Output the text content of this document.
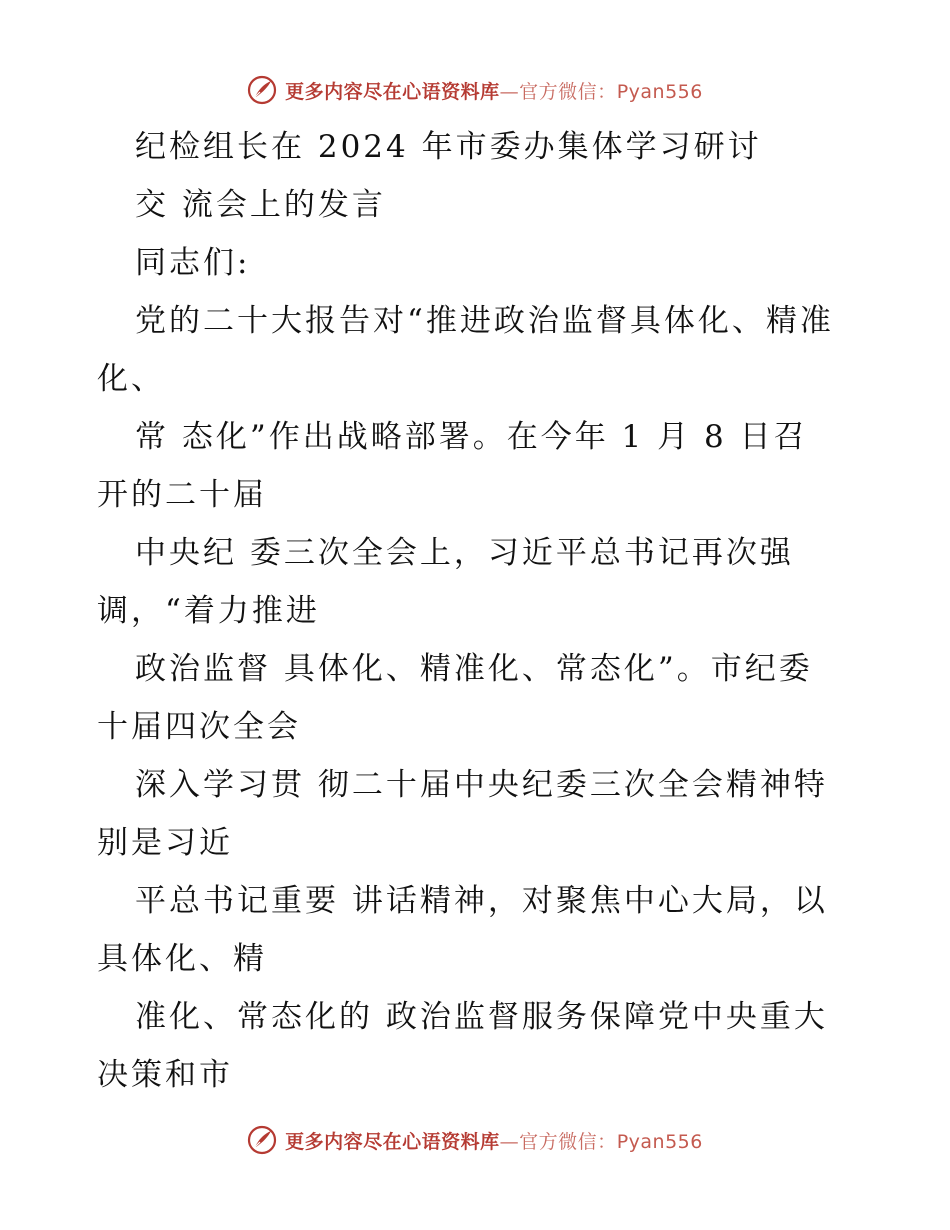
更多内容尽在心语资料库—官方微信：Pyan556
纪检组长在 2024 年市委办集体学习研讨
交 流会上的发言
同志们:
党的二十大报告对“推进政治监督具体化、精准
化、
常 态化”作出战略部署。在今年 1 月 8 日召
开的二十届
中央纪 委三次全会上，习近平总书记再次强
调，“着力推进
政治监督 具体化、精准化、常态化”。市纪委
十届四次全会
深入学习贯 彻二十届中央纪委三次全会精神特
别是习近
平总书记重要 讲话精神，对聚焦中心大局，以
具体化、精
准化、常态化的 政治监督服务保障党中央重大
决策和市
更多内容尽在心语资料库—官方微信：Pyan556
